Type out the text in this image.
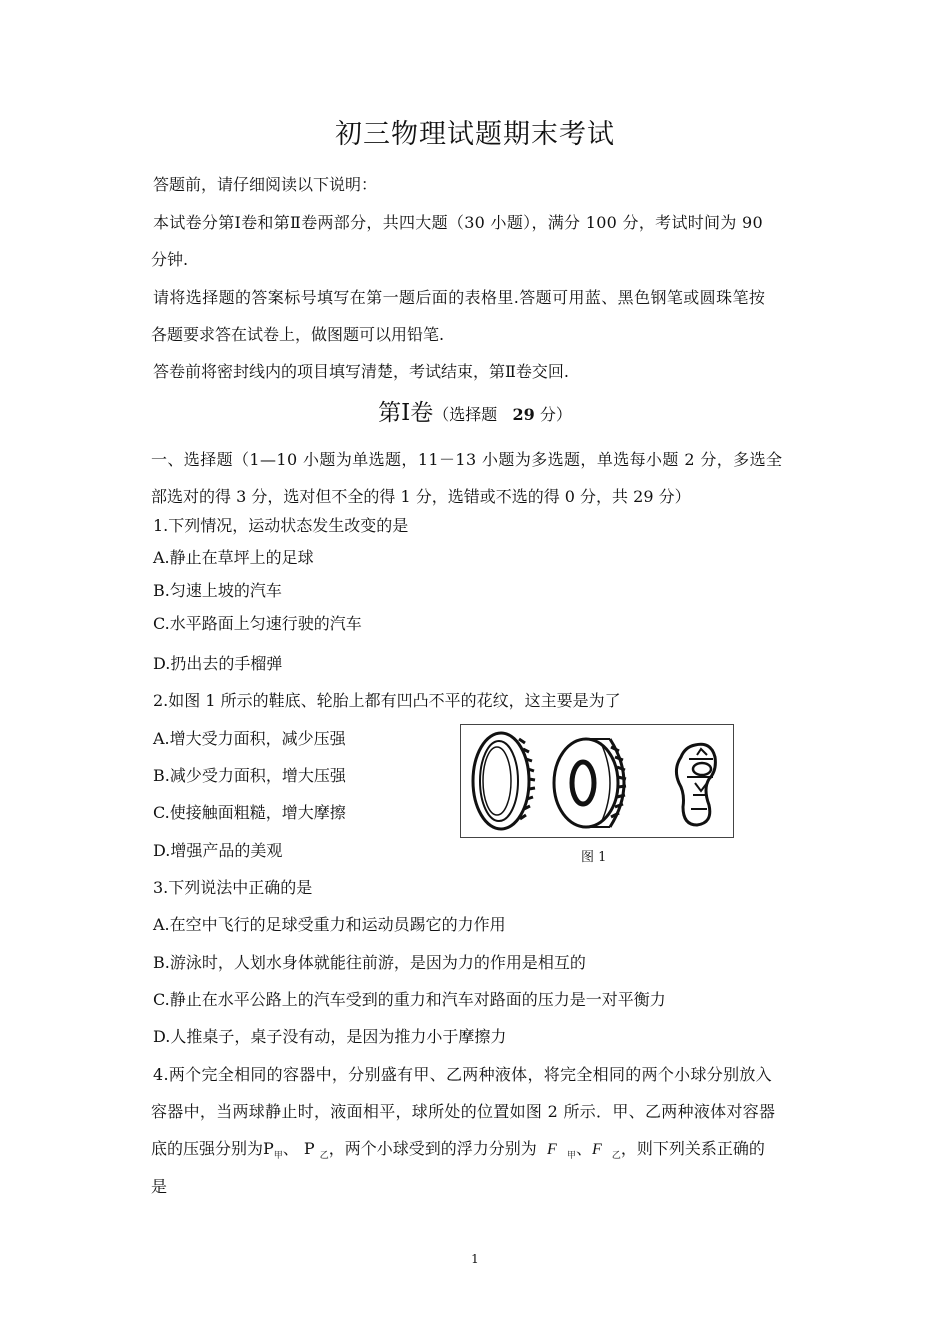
初三物理试题期末考试
答题前，请仔细阅读以下说明：
本试卷分第Ⅰ卷和第Ⅱ卷两部分，共四大题（30 小题），满分 100 分，考试时间为 90
分钟.
请将选择题的答案标号填写在第一题后面的表格里.答题可用蓝、黑色钢笔或圆珠笔按
各题要求答在试卷上，做图题可以用铅笔.
答卷前将密封线内的项目填写清楚，考试结束，第Ⅱ卷交回.
第Ⅰ卷（选择题 29 分）
一、选择题（1—10 小题为单选题，11－13 小题为多选题，单选每小题 2 分，多选全
部选对的得 3 分，选对但不全的得 1 分，选错或不选的得 0 分，共 29 分）
1.下列情况，运动状态发生改变的是
A.静止在草坪上的足球
B.匀速上坡的汽车
C.水平路面上匀速行驶的汽车
D.扔出去的手榴弹
2.如图 1 所示的鞋底、轮胎上都有凹凸不平的花纹，这主要是为了
A.增大受力面积，减少压强
B.减少受力面积，增大压强
C.使接触面粗糙，增大摩擦
D.增强产品的美观	图 1
3.下列说法中正确的是
A.在空中飞行的足球受重力和运动员踢它的力作用
B.游泳时，人划水身体就能往前游，是因为力的作用是相互的
C.静止在水平公路上的汽车受到的重力和汽车对路面的压力是一对平衡力
D.人推桌子，桌子没有动，是因为推力小于摩擦力
4.两个完全相同的容器中，分别盛有甲、乙两种液体，将完全相同的两个小球分别放入
容器中，当两球静止时，液面相平，球所处的位置如图 2 所示．甲、乙两种液体对容器
底的压强分别为$P_甲$、 P $_乙$，两个小球受到的浮力分别为 F $_甲$、F $_乙$，则下列关系正确的
是
1
